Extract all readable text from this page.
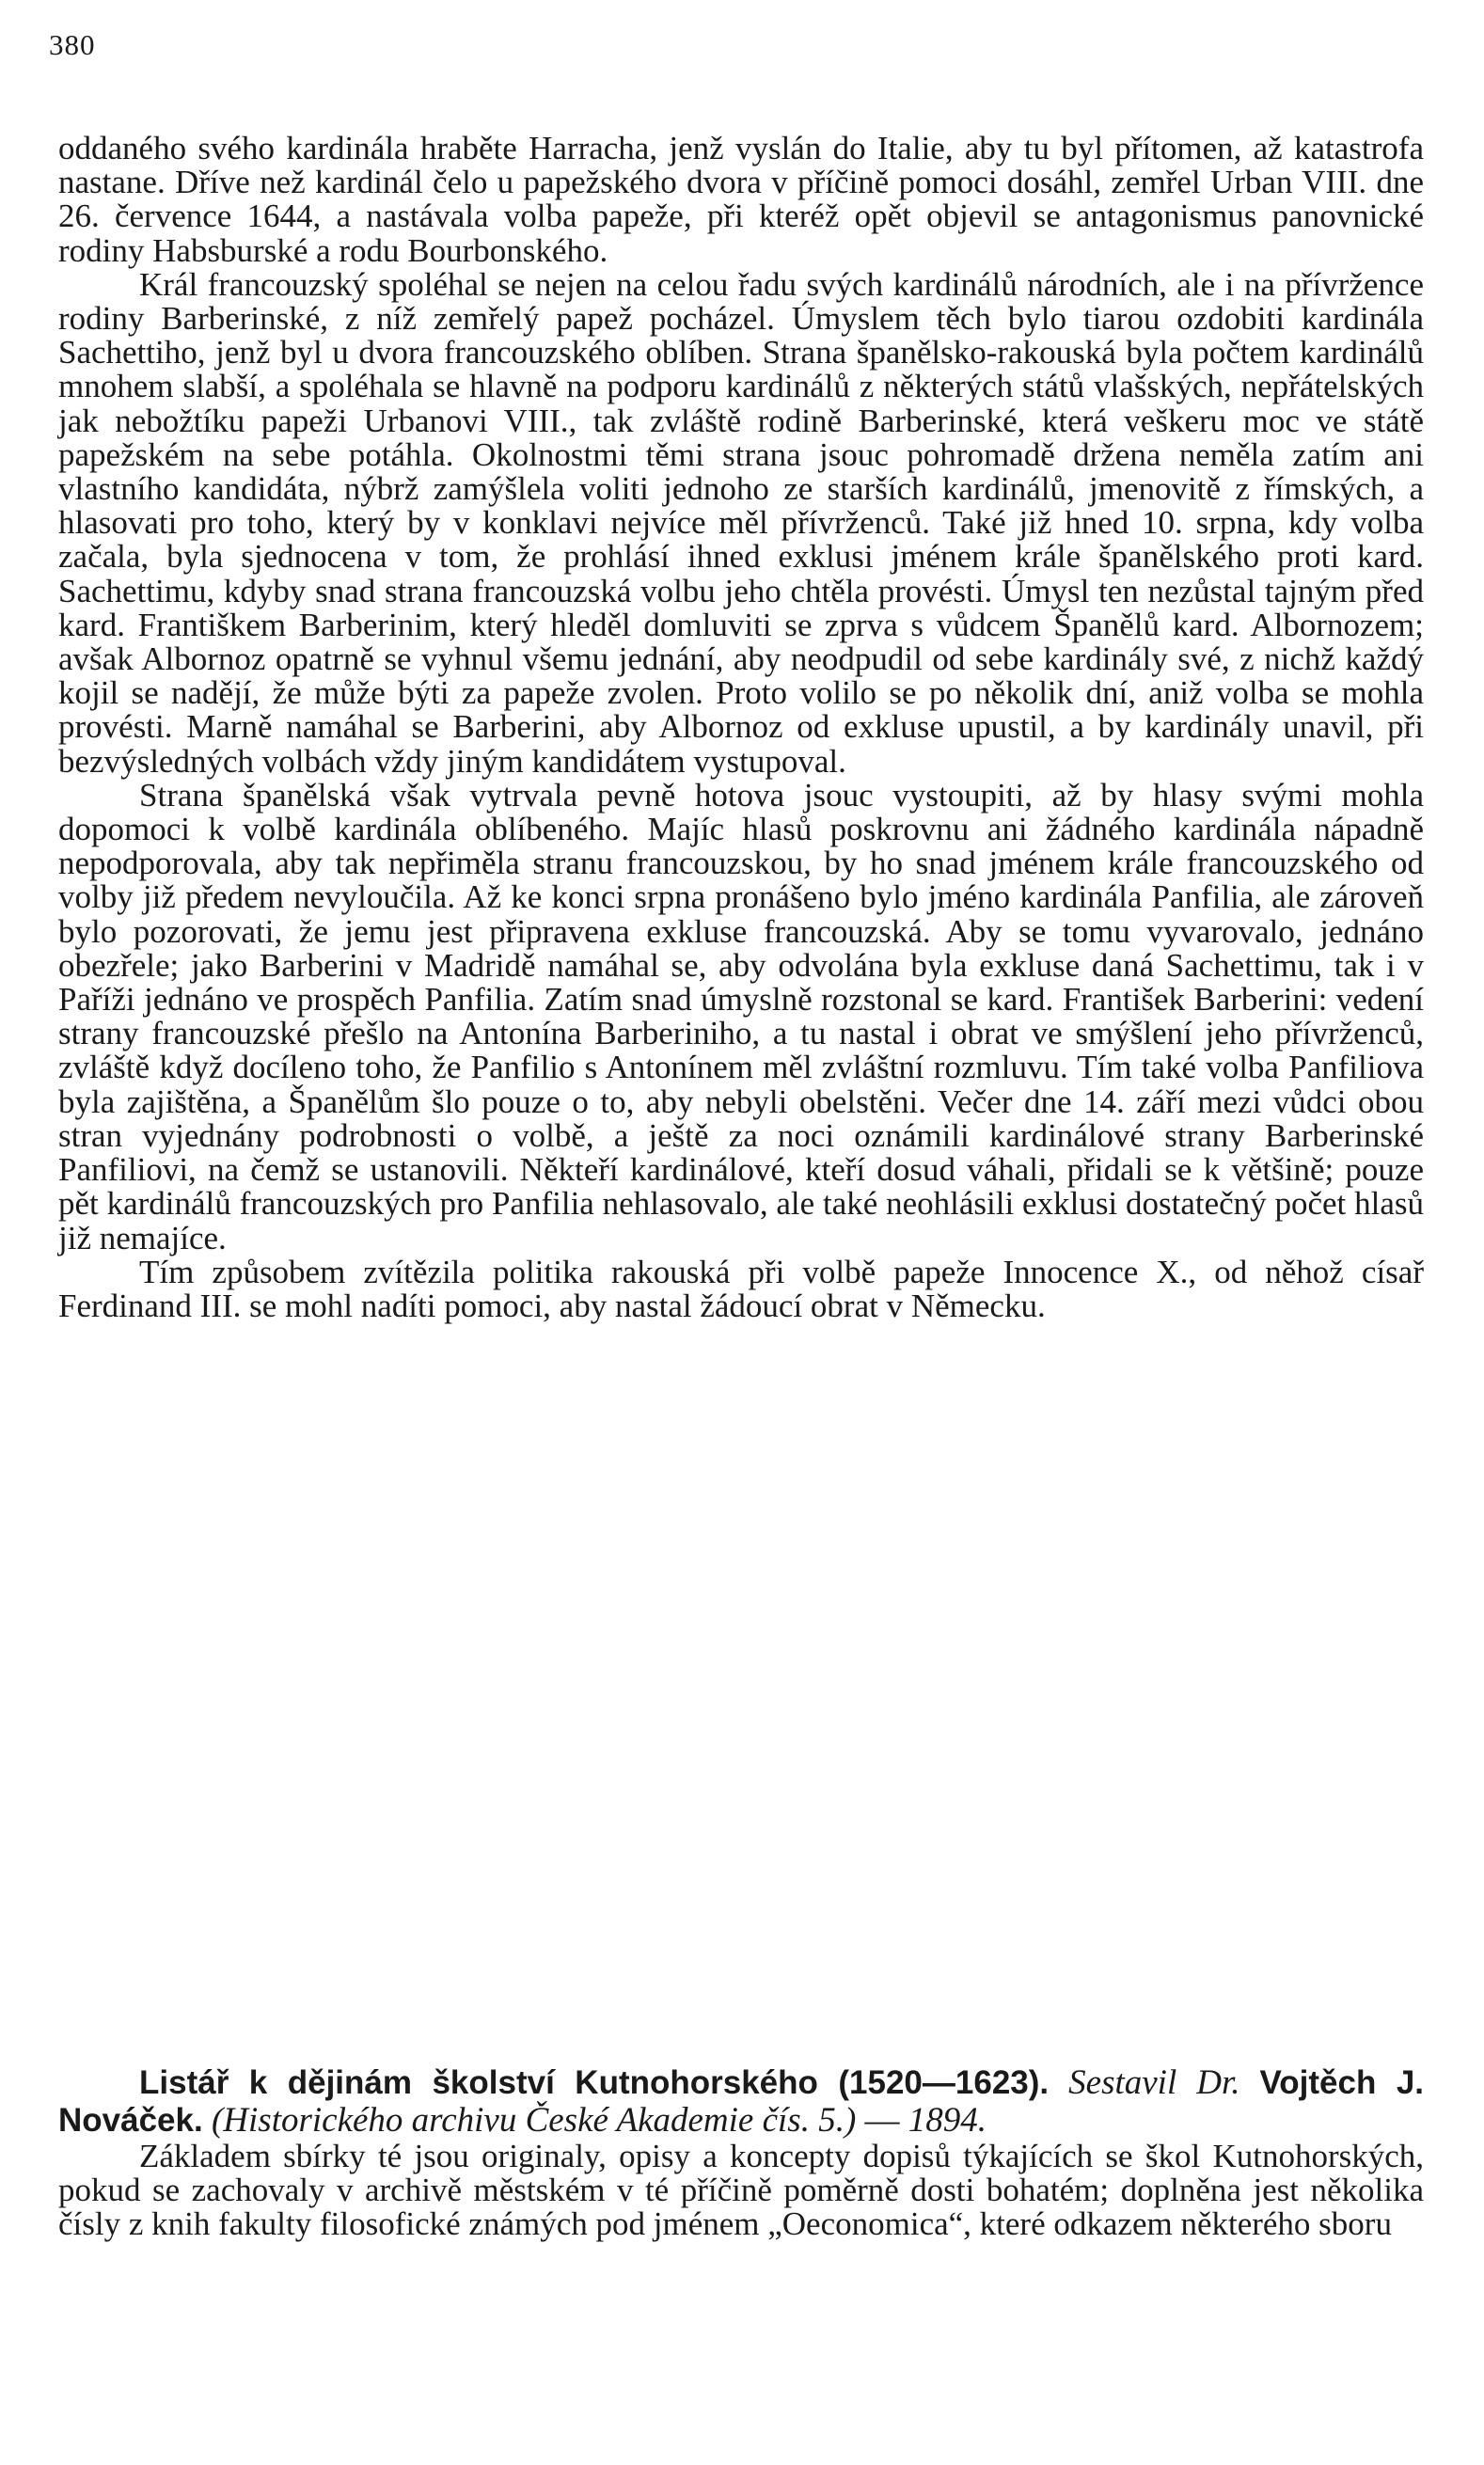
380

oddaného svého kardinála hraběte Harracha, jenž vyslán do Italie, aby tu byl přítomen, až katastrofa nastane. Dříve než kardinál čelo u papežského dvora v příčině pomoci dosáhl, zemřel Urban VIII. dne 26. července 1644, a nastávala volba papeže, při kteréž opět objevil se antagonismus panovnické rodiny Habsburské a rodu Bourbonského.

Král francouzský spoléhal se nejen na celou řadu svých kardinálů národních, ale i na přívržence rodiny Barberinské, z níž zemřelý papež pocházel. Úmyslem těch bylo tiarou ozdobiti kardinála Sachettiho, jenž byl u dvora francouzského oblíben. Strana španělsko-rakouská byla počtem kardinálů mnohem slabší, a spoléhala se hlavně na podporu kardinálů z některých států vlašských, nepřátelských jak nebožtíku papeži Urbanovi VIII., tak zvláště rodině Barberinské, která veškeru moc ve státě papežském na sebe potáhla. Okolnostmi těmi strana jsouc pohromadě držena neměla zatím ani vlastního kandidáta, nýbrž zamýšlela voliti jednoho ze starších kardinálů, jmenovitě z římských, a hlasovati pro toho, který by v konklavi nejvíce měl přívrženců. Také již hned 10. srpna, kdy volba začala, byla sjednocena v tom, že prohlásí ihned exklusi jménem krále španělského proti kard. Sachettimu, kdyby snad strana francouzská volbu jeho chtěla provésti. Úmysl ten nezůstal tajným před kard. Františkem Barberinim, který hleděl domluviti se zprva s vůdcem Španělů kard. Albornozem; avšak Albornoz opatrně se vyhnul všemu jednání, aby neodpudil od sebe kardinály své, z nichž každý kojil se nadějí, že může býti za papeže zvolen. Proto volilo se po několik dní, aniž volba se mohla provésti. Marně namáhal se Barberini, aby Albornoz od exkluse upustil, a by kardinály unavil, při bezvýsledných volbách vždy jiným kandidátem vystupoval.

Strana španělská však vytrvala pevně hotova jsouc vystoupiti, až by hlasy svými mohla dopomoci k volbě kardinála oblíbeného. Majíc hlasů poskrovnu ani žádného kardinála nápadně nepodporovala, aby tak nepřiměla stranu francouzskou, by ho snad jménem krále francouzského od volby již předem nevyloučila. Až ke konci srpna pronášeno bylo jméno kardinála Panfilia, ale zároveň bylo pozorovati, že jemu jest připravena exkluse francouzská. Aby se tomu vyvarovalo, jednáno obezřele; jako Barberini v Madridě namáhal se, aby odvolána byla exkluse daná Sachettimu, tak i v Paříži jednáno ve prospěch Panfilia. Zatím snad úmyslně rozstonal se kard. František Barberini: vedení strany francouzské přešlo na Antonína Barberiniho, a tu nastal i obrat ve smýšlení jeho přívrženců, zvláště když docíleno toho, že Panfilio s Antonínem měl zvláštní rozmluvu. Tím také volba Panfiliova byla zajištěna, a Španělům šlo pouze o to, aby nebyli obelstěni. Večer dne 14. září mezi vůdci obou stran vyjednány podrobnosti o volbě, a ještě za noci oznámili kardinálové strany Barberinské Panfiliovi, na čemž se ustanovili. Někteří kardinálové, kteří dosud váhali, přidali se k většině; pouze pět kardinálů francouzských pro Panfilia nehlasovalo, ale také neohlásili exklusi dostatečný počet hlasů již nemajíce.

Tím způsobem zvítězila politika rakouská při volbě papeže Innocence X., od něhož císař Ferdinand III. se mohl nadíti pomoci, aby nastal žádoucí obrat v Německu.

Listář k dějinám školství Kutnohorského (1520—1623). Sestavil Dr. Vojtěch J. Nováček. (Historického archivu České Akademie čís. 5.) — 1894.

Základem sbírky té jsou originaly, opisy a koncepty dopisů týkajících se škol Kutnohorských, pokud se zachovaly v archivě městském v té příčině poměrně dosti bohatém; doplněna jest několika čísly z knih fakulty filosofické známých pod jménem „Oeconomica“, které odkazem některého sboru
